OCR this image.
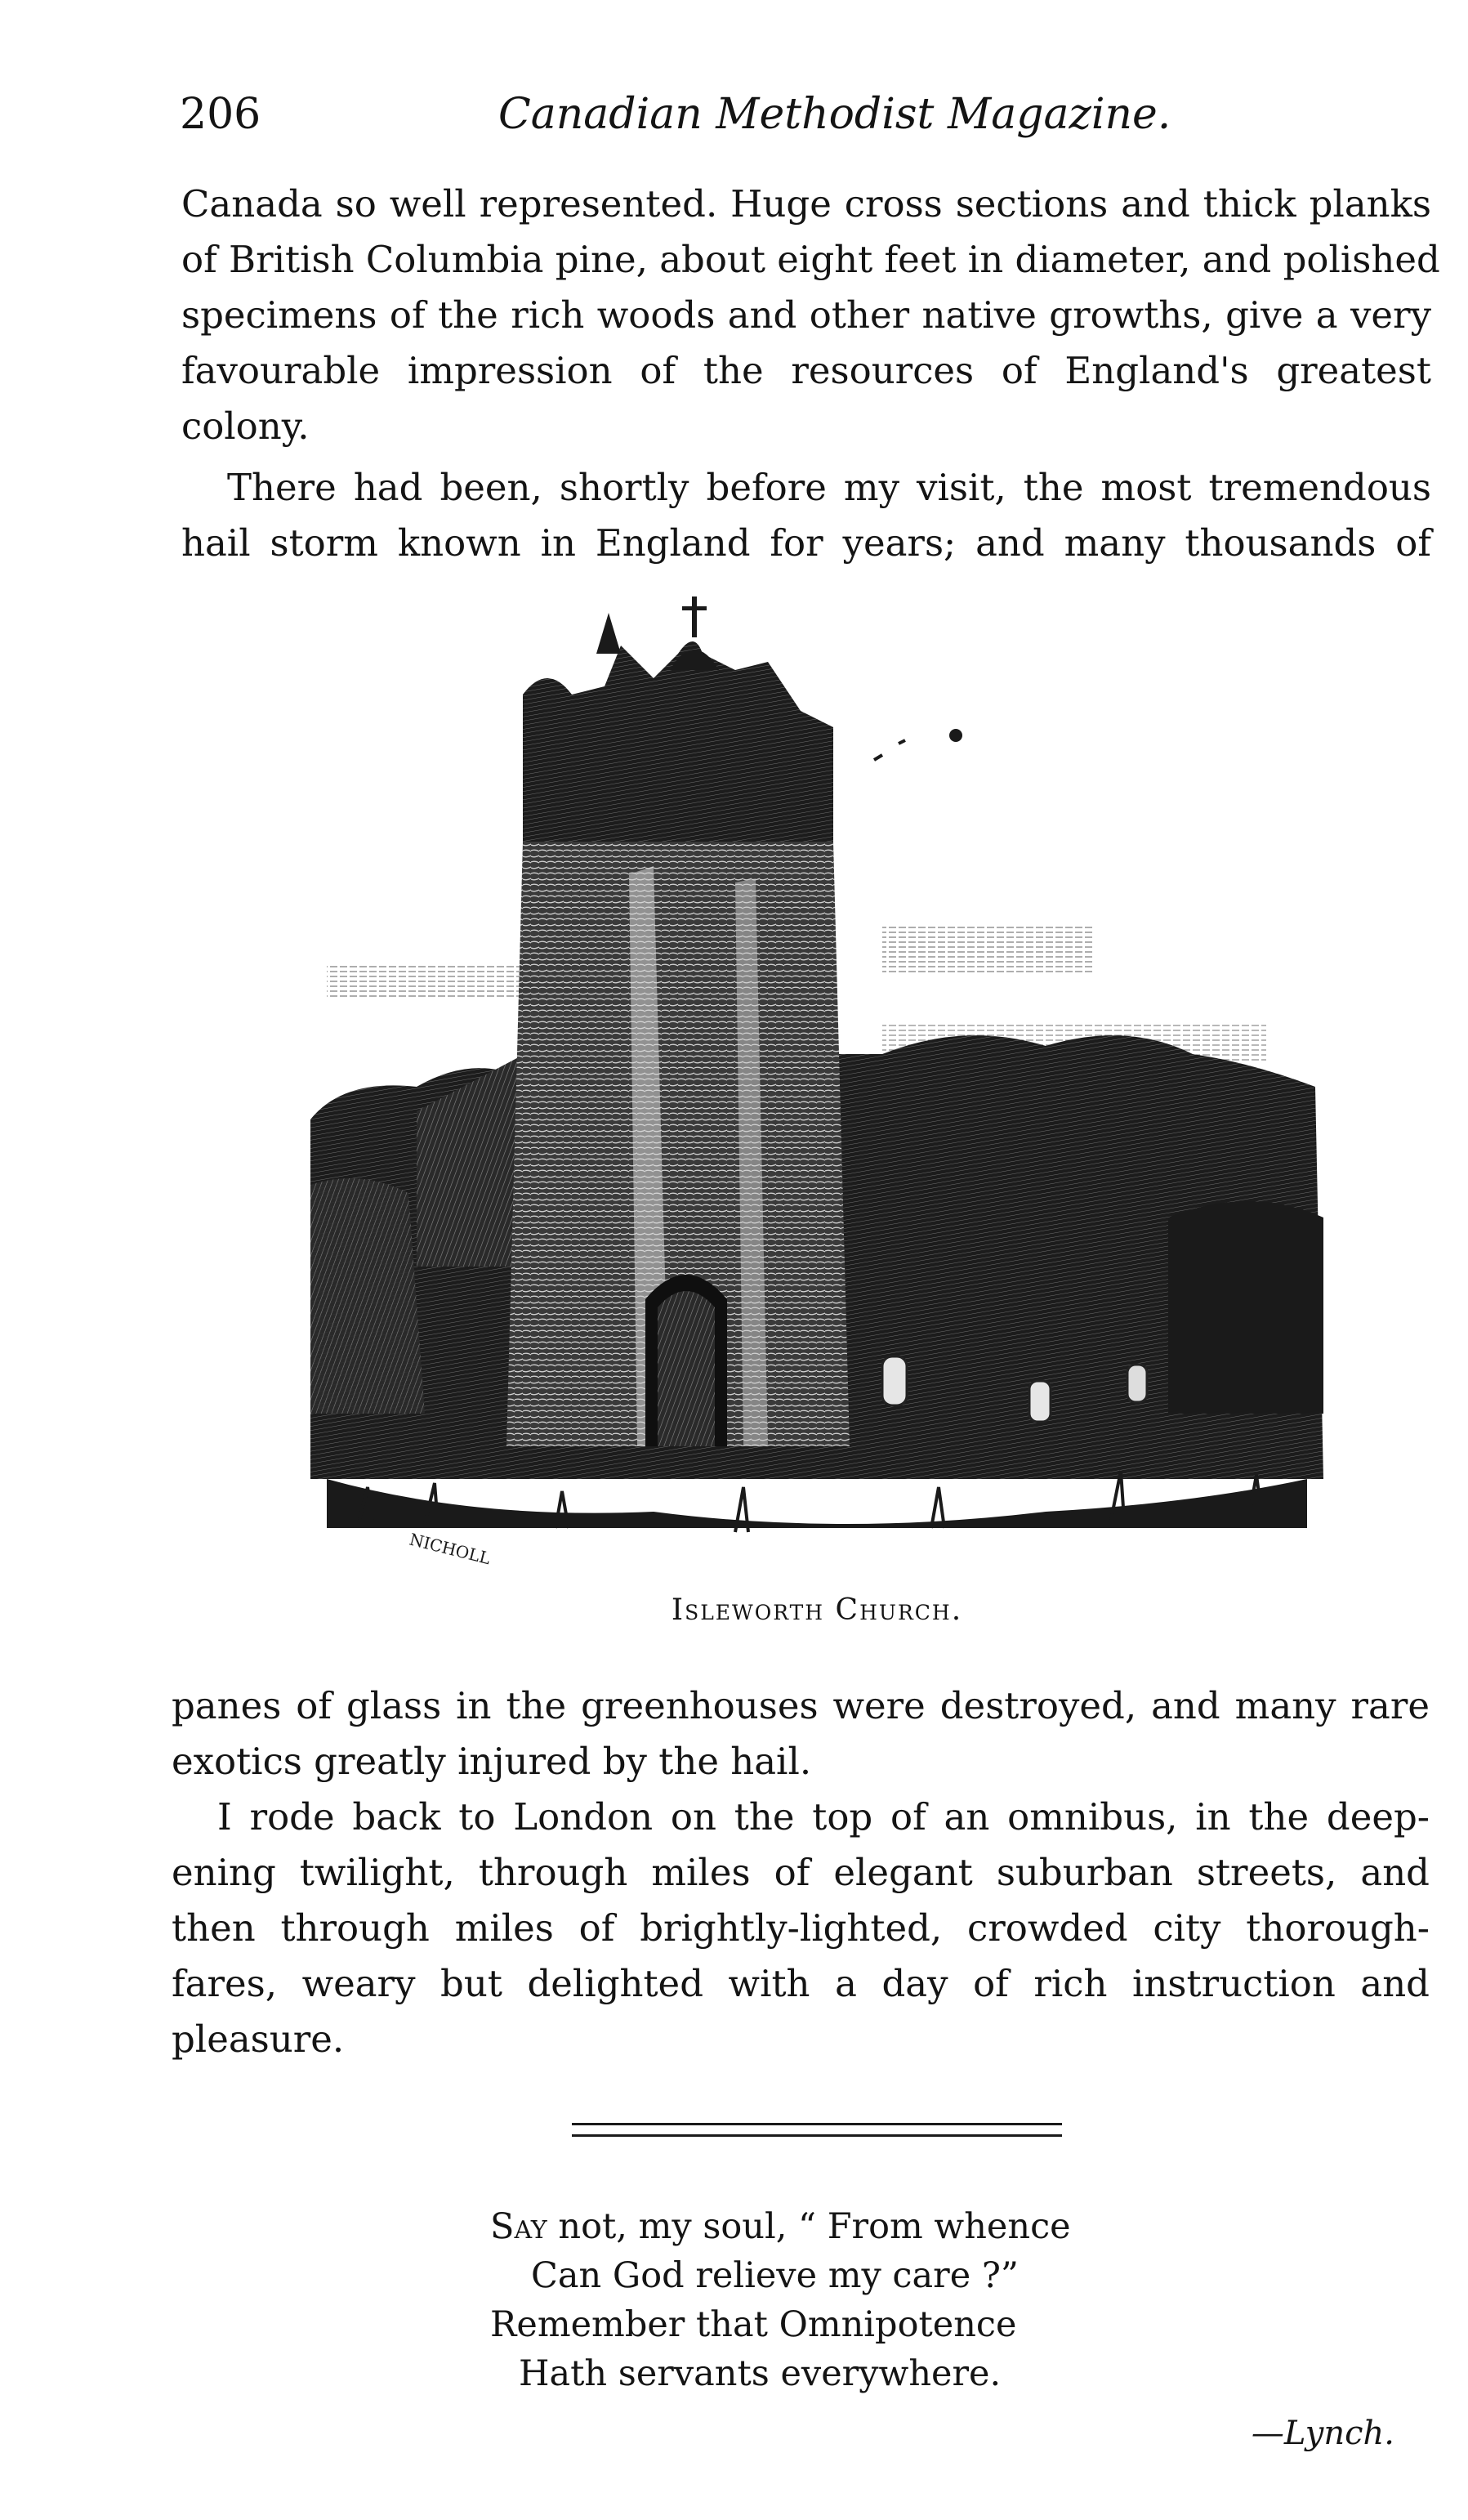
206	Canadian Methodist Magazine.

Canada so well represented. Huge cross sections and thick planks
of British Columbia pine, about eight feet in diameter, and polished
specimens of the rich woods and other native growths, give a very
favourable impression of the resources of England's greatest
colony.

There had been, shortly before my visit, the most tremendous
hail storm known in England for years; and many thousands of

NICHOLL
Isleworth Church.

panes of glass in the greenhouses were destroyed, and many rare
exotics greatly injured by the hail.

I rode back to London on the top of an omnibus, in the deep-
ening twilight, through miles of elegant suburban streets, and
then through miles of brightly-lighted, crowded city thorough-
fares, weary but delighted with a day of rich instruction and
pleasure.

Say not, my soul, “ From whence
Can God relieve my care ?”
Remember that Omnipotence
Hath servants everywhere.
—Lynch.
